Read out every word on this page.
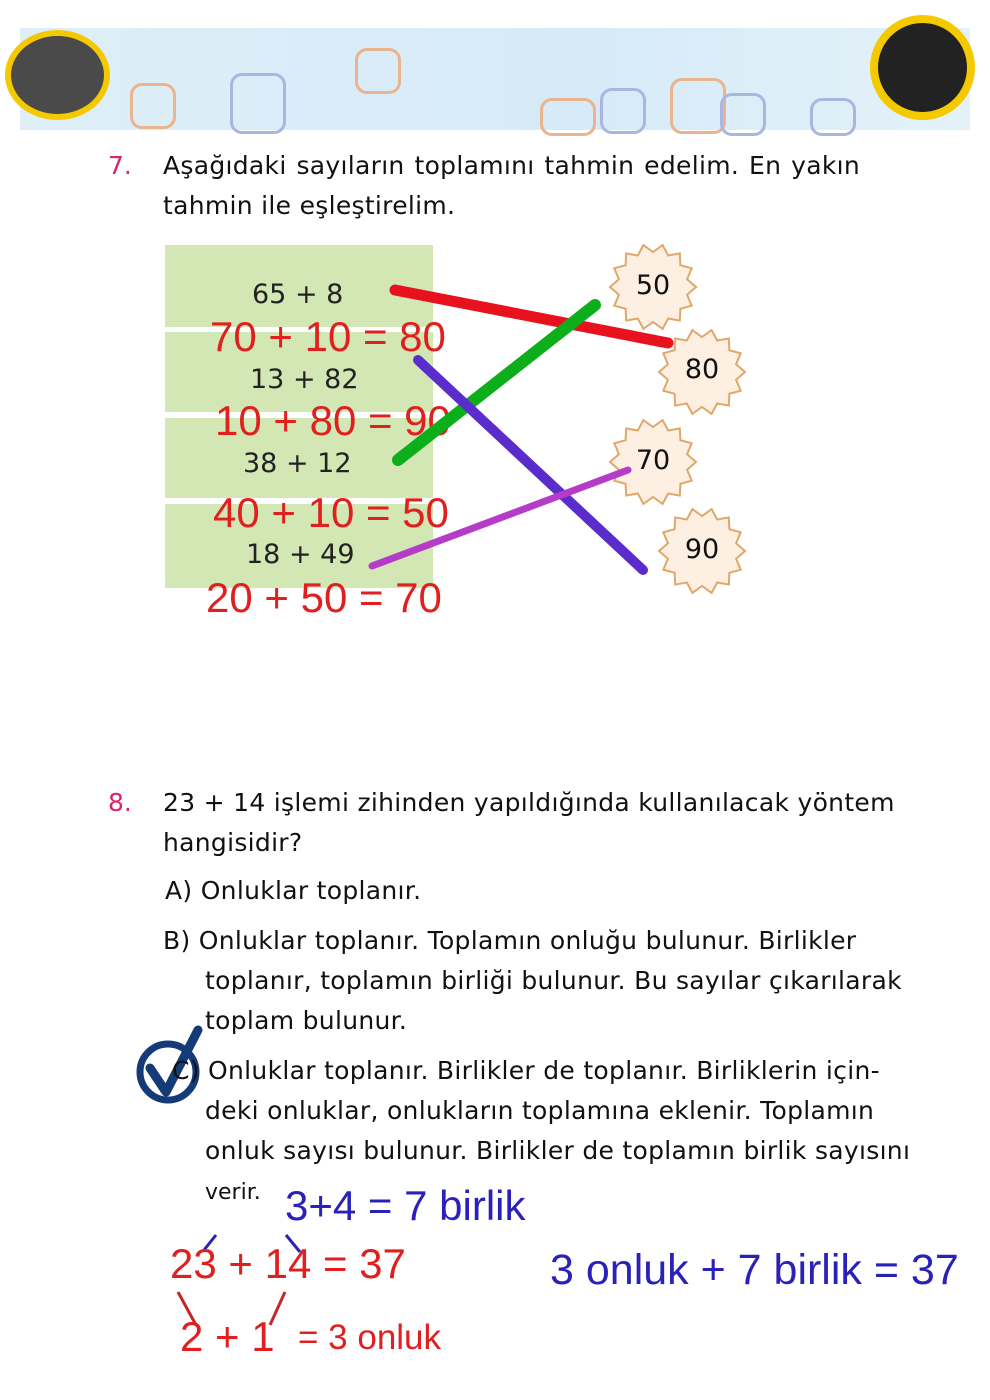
7. Aşağıdaki sayıların toplamını tahmin edelim. En yakın
tahmin ile eşleştirelim.
65 + 8
13 + 82
38 + 12
18 + 49
70 + 10 = 80
10 + 80 = 90
40 + 10 = 50
20 + 50 = 70
50
80
70
90
8. 23 + 14 işlemi zihinden yapıldığında kullanılacak yöntem
hangisidir?
A) Onluklar toplanır.
B) Onluklar toplanır. Toplamın onluğu bulunur. Birlikler
toplanır, toplamın birliği bulunur. Bu sayılar çıkarılarak
toplam bulunur.
C) Onluklar toplanır. Birlikler de toplanır. Birliklerin için-
deki onluklar, onlukların toplamına eklenir. Toplamın
onluk sayısı bulunur. Birlikler de toplamın birlik sayısını
verir. 3+4 = 7 birlik
23 + 14 = 37	3 onluk + 7 birlik = 37
2 + 1 = 3 onluk
